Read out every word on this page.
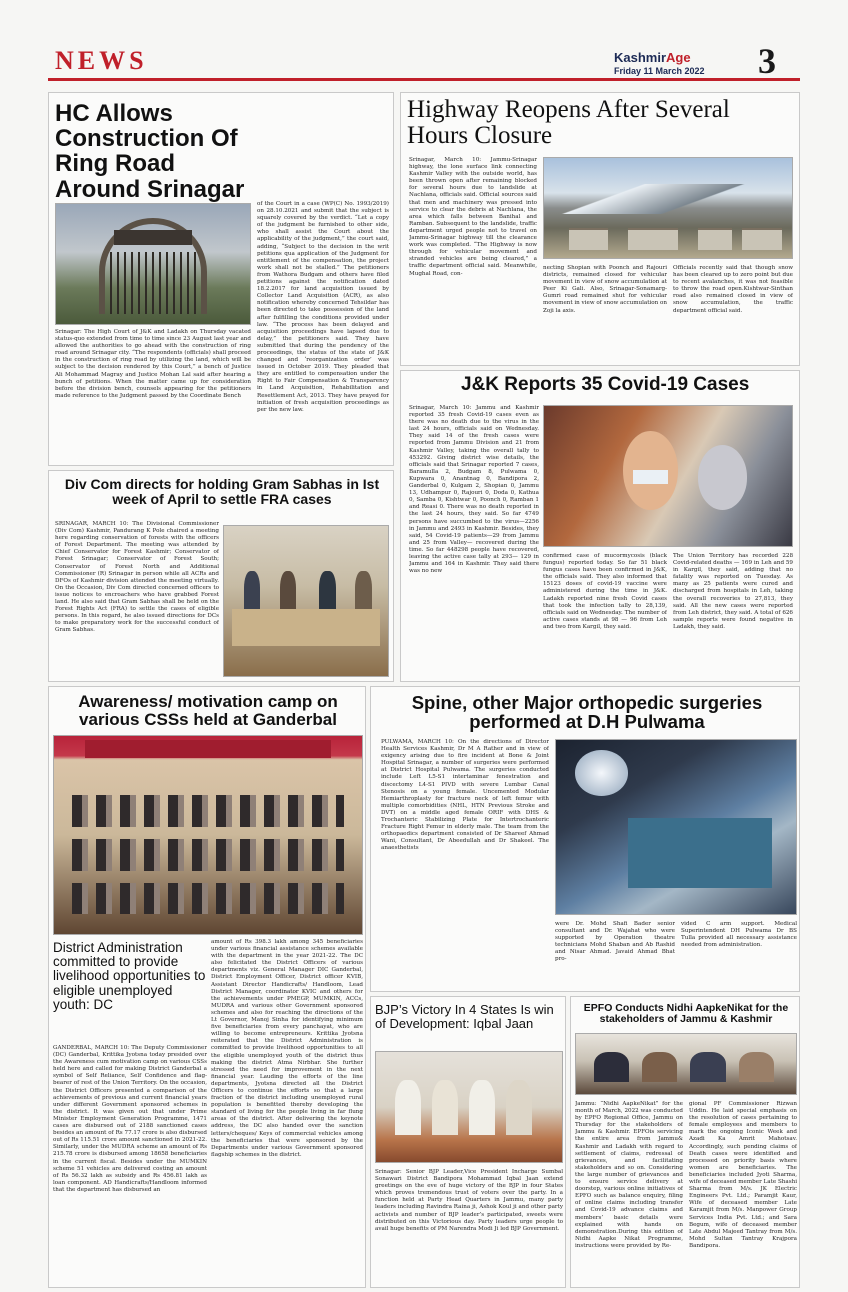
NEWS	KashmirAge
Friday 11 March 2022 3
HC Allows Construction Of Ring Road Around Srinagar
Srinagar: The High Court of J&K and Ladakh on Thursday vacated status-quo extended from time to time since 23 August last year and allowed the authorities to go ahead with the construction of ring road around Srinagar city. “The respondents (officials) shall proceed in the construction of ring road by utilizing the land, which will be subject to the decision rendered by this Court,” a bench of Justice Ali Mohammad Magray and Justice Mohan Lal said after hearing a bunch of petitions. When the matter came up for consideration before the division bench, counsels appearing for the petitioners made reference to the Judgment passed by the Coordinate Bench
of the Court in a case (WP(C) No. 1993/2019) on 28.10.2021 and submit that the subject is squarely covered by the verdict. “Let a copy of the judgment be furnished to other side, who shall assist the Court about the applicability of the judgment,” the court said, adding, “Subject to the decision in the writ petitions qua application of the Judgment for entitlement of the compensation, the project work shall not be stalled.” The petitioners from Wathora Budgam and others have filed petitions against the notification dated 18.2.2017 for land acquisition issued by Collector Land Acquisition (ACR), as also notification whereby concerned Tehsildar has been directed to take possession of the land after fulfilling the conditions provided under law. “The process has been delayed and acquisition proceedings have lapsed due to delay,” the petitioners said. They have submitted that during the pendency of the proceedings, the status of the state of J&K changed and ‘reorganization order’ was issued in October 2019. They pleaded that they are entitled to compensation under the Right to Fair Compensation & Transparency in Land Acquisition, Rehabilitation and Resettlement Act, 2013. They have prayed for initiation of fresh acquisition proceedings as per the new law.
Highway Reopens After Several Hours Closure
Srinagar, March 10: Jammu-Srinagar highway, the lone surface link connecting Kashmir Valley with the outside world, has been thrown open after remaining blocked for several hours due to landslide at Nachlana, officials said. Official sources said that men and machinery was pressed into service to clear the debris at Nachlana, the area which falls between Banihal and Ramban. Subsequent to the landslide, traffic department urged people not to travel on Jammu-Srinagar highway till the clearance work was completed. “The Highway is now through for vehicular movement and stranded vehicles are being cleared,” a traffic department official said. Meanwhile, Mughal Road, con-
necting Shopian with Poonch and Rajouri districts, remained closed for vehicular movement in view of snow accumulation at Peer Ki Gali. Also, Srinagar-Sonamarg-Gumri road remained shut for vehicular movement in view of snow accumulation on Zoji la axis.
Officials recently said that though snow has been cleared up to zero point but due to recent avalanches, it was not feasible to throw the road open.Kishtwar-Sinthan road also remained closed in view of snow accumulation, the traffic department official said.
J&K Reports 35 Covid-19 Cases
Srinagar, March 10: Jammu and Kashmir reported 35 fresh Covid-19 cases even as there was no death due to the virus in the last 24 hours, officials said on Wednesday. They said 14 of the fresh cases were reported from Jammu Division and 21 from Kashmir Valley, taking the overall tally to 453292. Giving district wise details, the officials said that Srinagar reported 7 cases, Baramulla 2, Budgam 8, Pulwama 0, Kupwara 0, Anantnag 0, Bandipora 2, Ganderbal 0, Kulgam 2, Shopian 0, Jammu 13, Udhampur 0, Rajouri 0, Doda 0, Kathua 0, Samba 0, Kishtwar 0, Poonch 0, Ramban 1 and Reasi 0. There was no death reported in the last 24 hours, they said. So far 4749 persons have succumbed to the virus—2256 in Jammu and 2493 in Kashmir. Besides, they said, 54 Covid-19 patients—29 from Jammu and 25 from Valley— recovered during the time. So far 448298 people have recovered, leaving the active case tally at 293— 129 in Jammu and 164 in Kashmir. They said there was no new
confirmed case of mucormycosis (black fungus) reported today. So far 51 black fungus cases have been confirmed in J&K, the officials said. They also informed that 15123 doses of covid-19 vaccine were administered during the time in J&K. Ladakh reported nine fresh Covid cases that took the infection tally to 28,139, officials said on Wednesday. The number of active cases stands at 98 — 96 from Leh and two from Kargil, they said.
The Union Territory has recorded 228 Covid-related deaths — 169 in Leh and 59 in Kargil, they said, adding that no fatality was reported on Tuesday. As many as 25 patients were cured and discharged from hospitals in Leh, taking the overall recoveries to 27,813, they said. All the new cases were reported from Leh district, they said. A total of 626 sample reports were found negative in Ladakh, they said.
Div Com directs for holding Gram Sabhas in Ist week of April to settle FRA cases
SRINAGAR, MARCH 10: The Divisional Commissioner (Div Com) Kashmir, Pandurang K Pole chaired a meeting here regarding conservation of forests with the officers of Forest Department. The meeting was attended by Chief Conservator for Forest Kashmir; Conservator of Forest Srinagar; Conservator of Forest South; Conservator of Forest North and Additional Commissioner (R) Srinagar in person while all ACRs and DFOs of Kashmir division attended the meeting virtually. On the Occasion, Div Com directed concerned officers to issue notices to encroachers who have grabbed Forest land. He also said that Gram Sabhas shall be held on the Forest Rights Act (FRA) to settle the cases of eligible persons. In this regard, he also issued directions for DCs to make preparatory work for the successful conduct of Gram Sabhas.
Awareness/ motivation camp on various CSSs held at Ganderbal
District Administration committed to provide livelihood opportunities to eligible unemployed youth: DC
GANDERBAL, MARCH 10: The Deputy Commissioner (DC) Ganderbal, Krittika Jyotsna today presided over the Awareness cum motivation camp on various CSSs held here and called for making District Ganderbal a symbol of Self Reliance, Self Confidence and flag-bearer of rest of the Union Territory. On the occasion, the District Officers presented a comparison of the achievements of previous and current financial years under different Government sponsored schemes in the district. It was given out that under Prime Minister Employment Generation Programme, 1471 cases are disbursed out of 2188 sanctioned cases besides an amount of Rs 77.17 crore is also disbursed out of Rs 115.51 crore amount sanctioned in 2021-22. Similarly, under the MUDRA scheme an amount of Rs 215.78 crore is disbursed among 18658 beneficiaries in the current fiscal. Besides under the MUMKIN scheme 51 vehicles are delivered costing an amount of Rs 56.32 lakh as subsidy and Rs 456.81 lakh as loan component. AD Handicrafts/Handloom informed that the department has disbursed an
amount of Rs 398.3 lakh among 345 beneficiaries under various financial assistance schemes available with the department in the year 2021-22. The DC also felicitated the District Officers of various departments viz. General Manager DIC Ganderbal, District Employment Officer, District officer KVIB, Assistant Director Handicrafts/ Handloom, Lead District Manager, coordinator KVIC and others for the achievements under PMEGP, MUMKIN, ACCs, MUDRA and various other Government sponsored schemes and also for reaching the directions of the Lt Governor, Manoj Sinha for identifying minimum five beneficiaries from every panchayat, who are willing to become entrepreneurs. Krittika Jyotsna reiterated that the District Administration is committed to provide livelihood opportunities to all the eligible unemployed youth of the district thus making the district Atma Nirbhar. She further stressed the need for improvement in the next financial year. Lauding the efforts of the line departments, Jyotsna directed all the District Officers to continue the efforts so that a large fraction of the district including unemployed rural population is benefitted thereby developing the standard of living for the people living in far flung areas of the district. After delivering the keynote address, the DC also handed over the sanction letters/cheques/ Keys of commercial vehicles among the beneficiaries that were sponsored by the Departments under various Government sponsored flagship schemes in the district.
Spine, other Major orthopedic surgeries performed at D.H Pulwama
PULWAMA, MARCH 10: On the directions of Director Health Services Kashmir, Dr M A Rather and in view of exigency arising due to fire incident at Bone & Joint Hospital Srinagar, a number of surgeries were performed at District Hospital Pulwama. The surgeries conducted include Left L5-S1 intertaminar fenestration and discectomy L4-S1 PIVD with severe Lumbar Canal Stenosis on a young female. Uncemented Modular Hemiarthroplasty for fracture neck of left femur with multiple comorbidities (NHL, HTN Previous Stroke and DVT) on a middle aged female ORIF with DHS & Trochanteric Stabilizing Plate for Intertrochanteric Fracture Right Femur in elderly male. The team from the orthopaedics department consisted of Dr Shareef Ahmad Wani, Consultant, Dr Abeedullah and Dr Shakeel. The anaesthetists
were Dr. Mohd Shafi Bader senior consultant and Dr. Wajahat who were supported by Operation theatre technicians Mohd Shaban and Ab Rashid and Nisar Ahmad. Javaid Ahmad Bhat pro-
vided C arm support. Medical Superintendent DH Pulwama Dr BS Tulla provided all necessary assistance needed from administration.
BJP’s Victory In 4 States Is win of Development: Iqbal Jaan
Srinagar: Senior BJP Leader,Vice President Incharge Sumbal Sonawari District Bandipora Mohammad Iqbal Jaan extend greetings on the eve of huge victory of the BJP in four States which proves tremendous trust of voters over the party. In a function held at Party Head Quarters in Jammu, many party leaders including Ravindra Raina ji, Ashok Koul ji and other party activists and number of BJP leader’s participated, sweets were distributed on this Victorious day. Party leaders urge people to avail huge benefits of PM Narendra Modi Ji led BJP Government.
EPFO Conducts Nidhi AapkeNikat for the stakeholders of Jammu & Kashmir
Jammu: “Nidhi AapkeNikat” for the month of March, 2022 was conducted by EPFO Regional Office, Jammu on Thursday for the stakeholders of Jammu & Kashmir. EPFOis servicing the entire area from Jammu& Kashmir and Ladakh with regard to settlement of claims, redressal of grievances, and facilitating stakeholders and so on. Considering the large number of grievances and to ensure service delivery at doorstep, various online initiatives of EPFO such as balance enquiry, filing of online claims including transfer and Covid-19 advance claims and members’ basic details were explained with hands on demonstration.During this edition of Nidhi Aapke Nikat Programme, instructions were provided by Re-
gional PF Commissioner Rizwan Uddin. He laid special emphasis on the resolution of cases pertaining to female employees and members to mark the ongoing Iconic Week and Azadi Ka Amrit Mahotsav. Accordingly, such pending claims of Death cases were identified and processed on priority basis where women are beneficiaries. The beneficiaries included Jyoti Sharma, wife of deceased member Late Shashi Sharma from M/s. JK Electric Engineers Pvt. Ltd.; Paramjit Kaur, Wife of deceased member Late Karamjit from M/s. Manpower Group Services India Pvt. Ltd.; and Sara Begum, wife of deceased member Late Abdul Majeed Tantray from M/s. Mohd Sultan Tantray Krajpora Bandipora.
